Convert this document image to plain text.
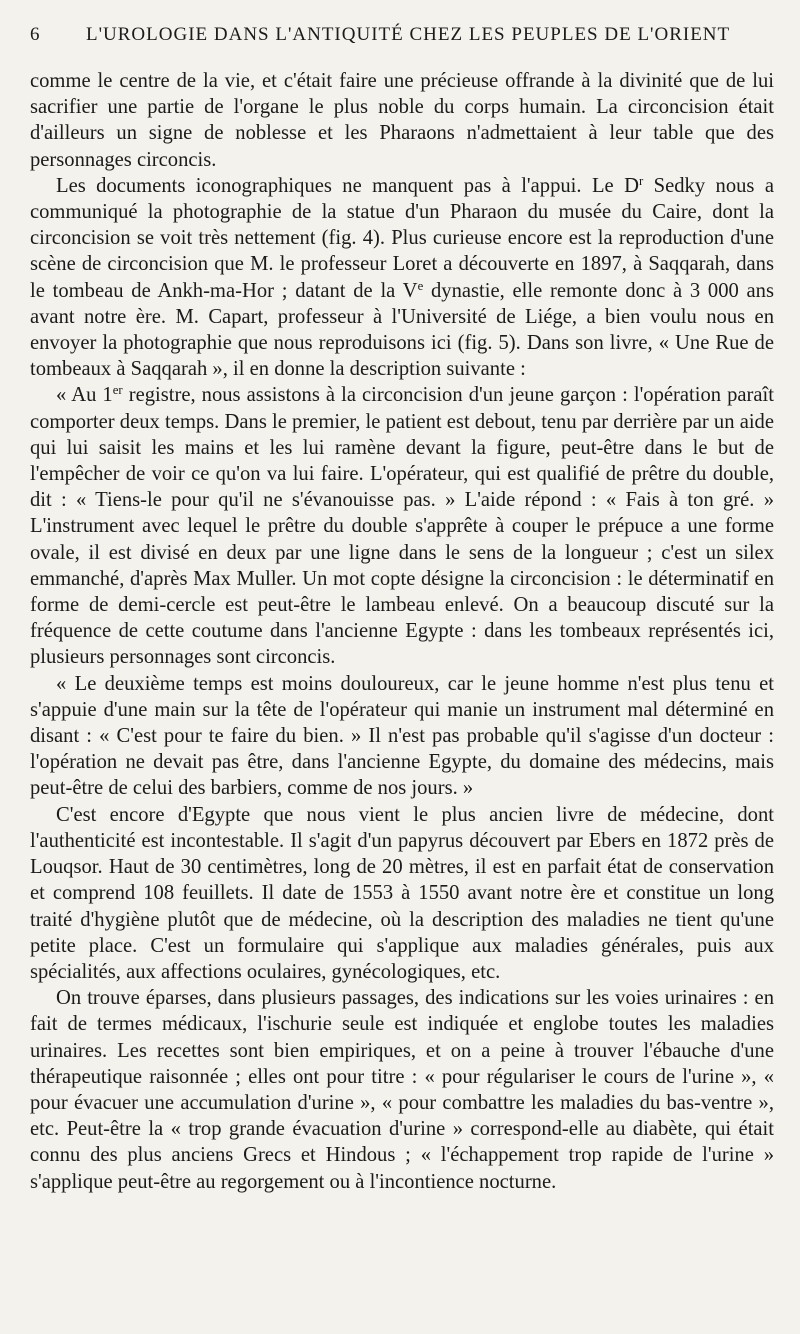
6	L'UROLOGIE DANS L'ANTIQUITÉ CHEZ LES PEUPLES DE L'ORIENT

comme le centre de la vie, et c'était faire une précieuse offrande à la divinité que de lui sacrifier une partie de l'organe le plus noble du corps humain. La circoncision était d'ailleurs un signe de noblesse et les Pharaons n'admettaient à leur table que des personnages circoncis.

Les documents iconographiques ne manquent pas à l'appui. Le $D^r$ Sedky nous a communiqué la photographie de la statue d'un Pharaon du musée du Caire, dont la circoncision se voit très nettement (fig. 4). Plus curieuse encore est la reproduction d'une scène de circoncision que M. le professeur Loret a découverte en 1897, à Saqqarah, dans le tombeau de Ankh-ma-Hor ; datant de la Ve dynastie, elle remonte donc à 3 000 ans avant notre ère. M. Capart, professeur à l'Université de Liége, a bien voulu nous en envoyer la photographie que nous reproduisons ici (fig. 5). Dans son livre, « Une Rue de tombeaux à Saqqarah », il en donne la description suivante :

« Au 1er registre, nous assistons à la circoncision d'un jeune garçon : l'opération paraît comporter deux temps. Dans le premier, le patient est debout, tenu par derrière par un aide qui lui saisit les mains et les lui ramène devant la figure, peut-être dans le but de l'empêcher de voir ce qu'on va lui faire. L'opérateur, qui est qualifié de prêtre du double, dit : « Tiens-le pour qu'il ne s'évanouisse pas. » L'aide répond : « Fais à ton gré. » L'instrument avec lequel le prêtre du double s'apprête à couper le prépuce a une forme ovale, il est divisé en deux par une ligne dans le sens de la longueur ; c'est un silex emmanché, d'après Max Muller. Un mot copte désigne la circoncision : le déterminatif en forme de demi-cercle est peut-être le lambeau enlevé. On a beaucoup discuté sur la fréquence de cette coutume dans l'ancienne Egypte : dans les tombeaux représentés ici, plusieurs personnages sont circoncis.

« Le deuxième temps est moins douloureux, car le jeune homme n'est plus tenu et s'appuie d'une main sur la tête de l'opérateur qui manie un instrument mal déterminé en disant : « C'est pour te faire du bien. » Il n'est pas probable qu'il s'agisse d'un docteur : l'opération ne devait pas être, dans l'ancienne Egypte, du domaine des médecins, mais peut-être de celui des barbiers, comme de nos jours. »

C'est encore d'Egypte que nous vient le plus ancien livre de médecine, dont l'authenticité est incontestable. Il s'agit d'un papyrus découvert par Ebers en 1872 près de Louqsor. Haut de 30 centimètres, long de 20 mètres, il est en parfait état de conservation et comprend 108 feuillets. Il date de 1553 à 1550 avant notre ère et constitue un long traité d'hygiène plutôt que de médecine, où la description des maladies ne tient qu'une petite place. C'est un formulaire qui s'applique aux maladies générales, puis aux spécialités, aux affections oculaires, gynécologiques, etc.

On trouve éparses, dans plusieurs passages, des indications sur les voies urinaires : en fait de termes médicaux, l'ischurie seule est indiquée et englobe toutes les maladies urinaires. Les recettes sont bien empiriques, et on a peine à trouver l'ébauche d'une thérapeutique raisonnée ; elles ont pour titre : « pour régulariser le cours de l'urine », « pour évacuer une accumulation d'urine », « pour combattre les maladies du bas-ventre », etc. Peut-être la « trop grande évacuation d'urine » correspond-elle au diabète, qui était connu des plus anciens Grecs et Hindous ; « l'échappement trop rapide de l'urine » s'applique peut-être au regorgement ou à l'incontience nocturne.
